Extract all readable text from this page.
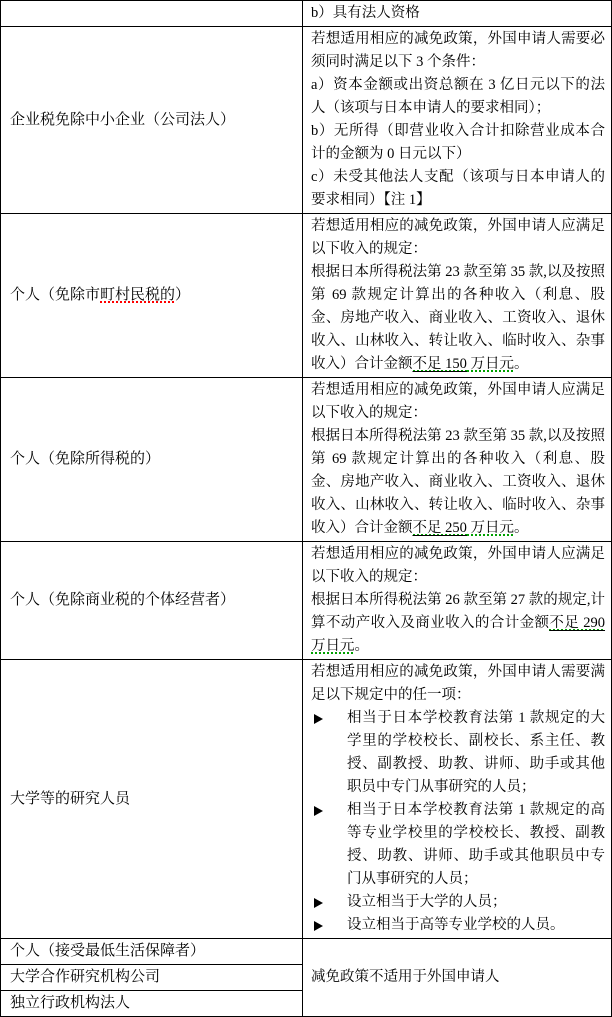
	b）具有法人资格

企业税免除中小企业（公司法人）	若想适用相应的减免政策，外国申请人需要必须同时满足以下 3 个条件：
a）资本金额或出资总额在 3 亿日元以下的法人（该项与日本申请人的要求相同）；
b）无所得（即营业收入合计扣除营业成本合计的金额为 0 日元以下）
c）未受其他法人支配（该项与日本申请人的要求相同）【注 1】

个人（免除市町村民税的）	若想适用相应的减免政策，外国申请人应满足以下收入的规定：
根据日本所得税法第 23 款至第 35 款,以及按照第 69 款规定计算出的各种收入（利息、股金、房地产收入、商业收入、工资收入、退休收入、山林收入、转让收入、临时收入、杂事收入）合计金额不足 150 万日元。

个人（免除所得税的）	若想适用相应的减免政策，外国申请人应满足以下收入的规定：
根据日本所得税法第 23 款至第 35 款,以及按照第 69 款规定计算出的各种收入（利息、股金、房地产收入、商业收入、工资收入、退休收入、山林收入、转让收入、临时收入、杂事收入）合计金额不足 250 万日元。

个人（免除商业税的个体经营者）	若想适用相应的减免政策，外国申请人应满足以下收入的规定：
根据日本所得税法第 26 款至第 27 款的规定,计算不动产收入及商业收入的合计金额不足 290 万日元。

大学等的研究人员	若想适用相应的减免政策，外国申请人需要满足以下规定中的任一项：
相当于日本学校教育法第 1 款规定的大学里的学校校长、副校长、系主任、教授、副教授、助教、讲师、助手或其他职员中专门从事研究的人员；
相当于日本学校教育法第 1 款规定的高等专业学校里的学校校长、教授、副教授、助教、讲师、助手或其他职员中专门从事研究的人员；
设立相当于大学的人员；
设立相当于高等专业学校的人员。

个人（接受最低生活保障者）	减免政策不适用于外国申请人

大学合作研究机构公司	
独立行政机构法人	
